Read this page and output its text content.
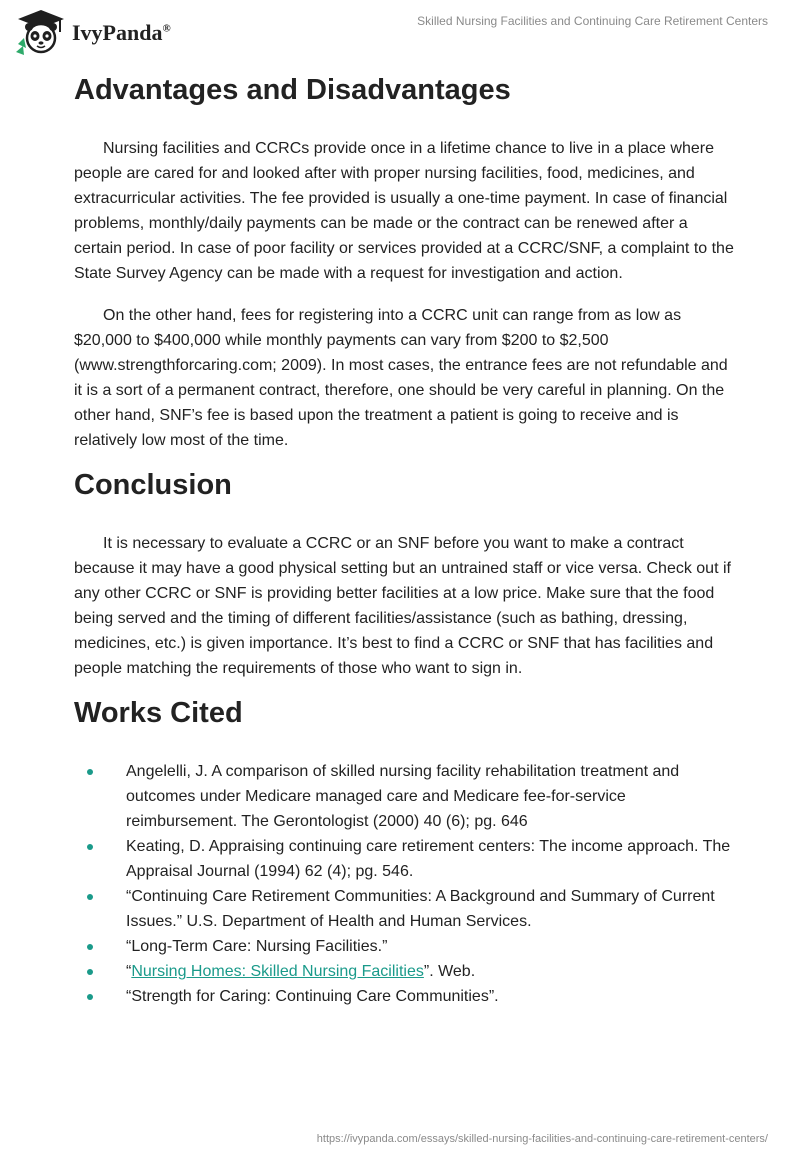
IvyPanda®
Skilled Nursing Facilities and Continuing Care Retirement Centers
Advantages and Disadvantages

Nursing facilities and CCRCs provide once in a lifetime chance to live in a place where people are cared for and looked after with proper nursing facilities, food, medicines, and extracurricular activities. The fee provided is usually a one-time payment. In case of financial problems, monthly/daily payments can be made or the contract can be renewed after a certain period. In case of poor facility or services provided at a CCRC/SNF, a complaint to the State Survey Agency can be made with a request for investigation and action.

On the other hand, fees for registering into a CCRC unit can range from as low as $20,000 to $400,000 while monthly payments can vary from $200 to $2,500 (www.strengthforcaring.com; 2009). In most cases, the entrance fees are not refundable and it is a sort of a permanent contract, therefore, one should be very careful in planning. On the other hand, SNF’s fee is based upon the treatment a patient is going to receive and is relatively low most of the time.

Conclusion

It is necessary to evaluate a CCRC or an SNF before you want to make a contract because it may have a good physical setting but an untrained staff or vice versa. Check out if any other CCRC or SNF is providing better facilities at a low price. Make sure that the food being served and the timing of different facilities/assistance (such as bathing, dressing, medicines, etc.) is given importance. It’s best to find a CCRC or SNF that has facilities and people matching the requirements of those who want to sign in.

Works Cited
Angelelli, J. A comparison of skilled nursing facility rehabilitation treatment and outcomes under Medicare managed care and Medicare fee-for-service reimbursement. The Gerontologist (2000) 40 (6); pg. 646
Keating, D. Appraising continuing care retirement centers: The income approach. The Appraisal Journal (1994) 62 (4); pg. 546.
“Continuing Care Retirement Communities: A Background and Summary of Current Issues.” U.S. Department of Health and Human Services.
“Long-Term Care: Nursing Facilities.”
“Nursing Homes: Skilled Nursing Facilities”. Web.
“Strength for Caring: Continuing Care Communities”.
https://ivypanda.com/essays/skilled-nursing-facilities-and-continuing-care-retirement-centers/
